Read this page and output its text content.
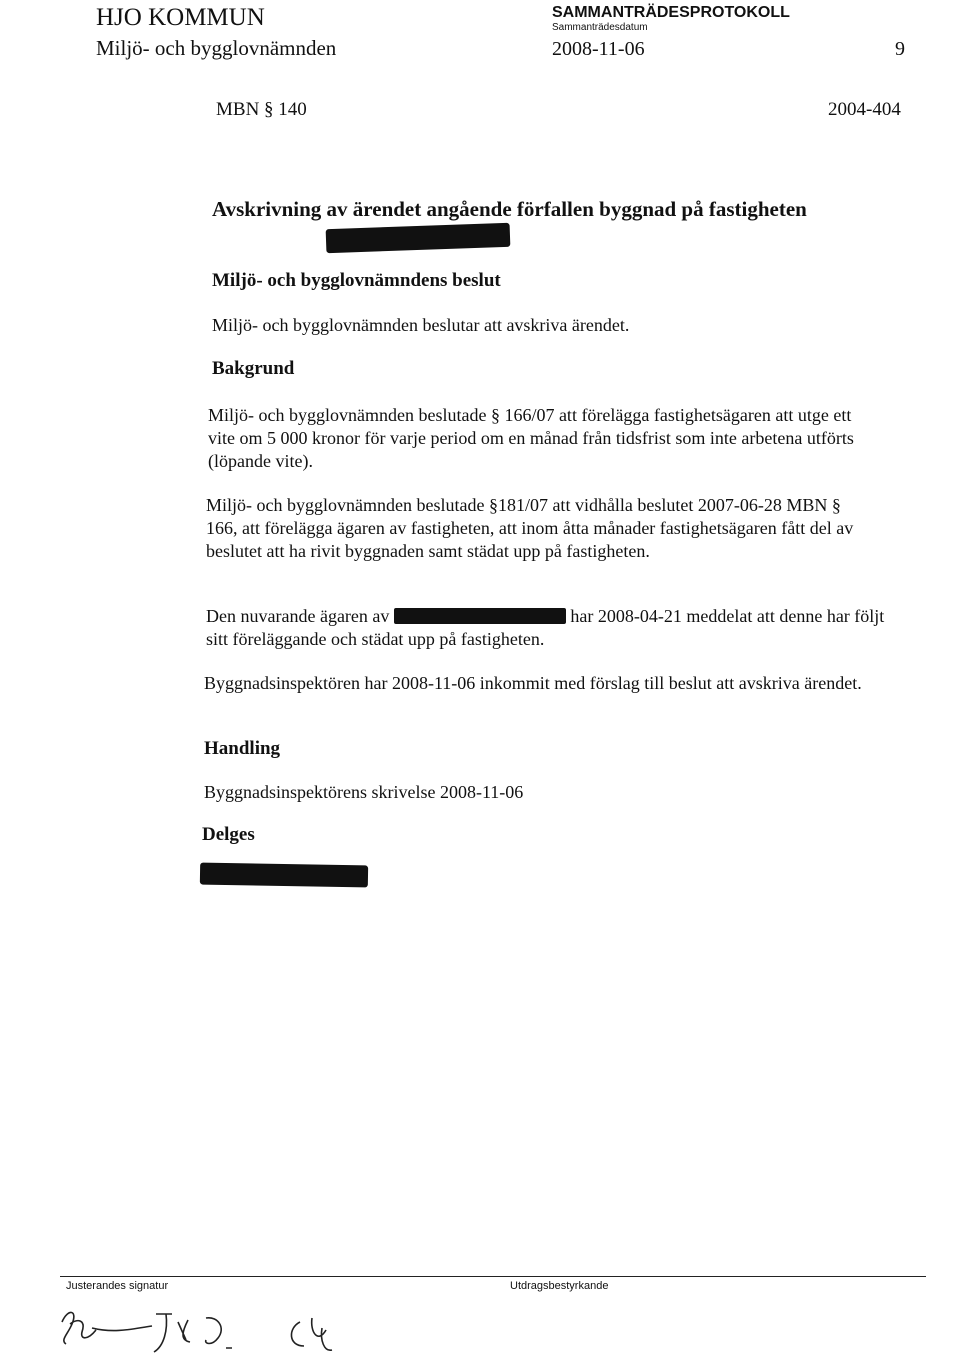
HJO KOMMUN
Miljö- och bygglovnämnden
SAMMANTRÄDESPROTOKOLL
Sammanträdesdatum
2008-11-06	9
MBN § 140	2004-404
Avskrivning av ärendet angående förfallen byggnad på fastigheten
Miljö- och bygglovnämndens beslut
Miljö- och bygglovnämnden beslutar att avskriva ärendet.
Bakgrund
Miljö- och bygglovnämnden beslutade § 166/07 att förelägga fastighetsägaren att utge ett vite om 5 000 kronor för varje period om en månad från tidsfrist som inte arbetena utförts (löpande vite).
Miljö- och bygglovnämnden beslutade §181/07 att vidhålla beslutet 2007-06-28 MBN § 166, att förelägga ägaren av fastigheten, att inom åtta månader fastighetsägaren fått del av beslutet att ha rivit byggnaden samt städat upp på fastigheten.
Den nuvarande ägaren av	har 2008-04-21 meddelat att denne har följt sitt föreläggande och städat upp på fastigheten.
Byggnadsinspektören har 2008-11-06 inkommit med förslag till beslut att avskriva ärendet.
Handling
Byggnadsinspektörens skrivelse 2008-11-06
Delges
Justerandes signatur	Utdragsbestyrkande
